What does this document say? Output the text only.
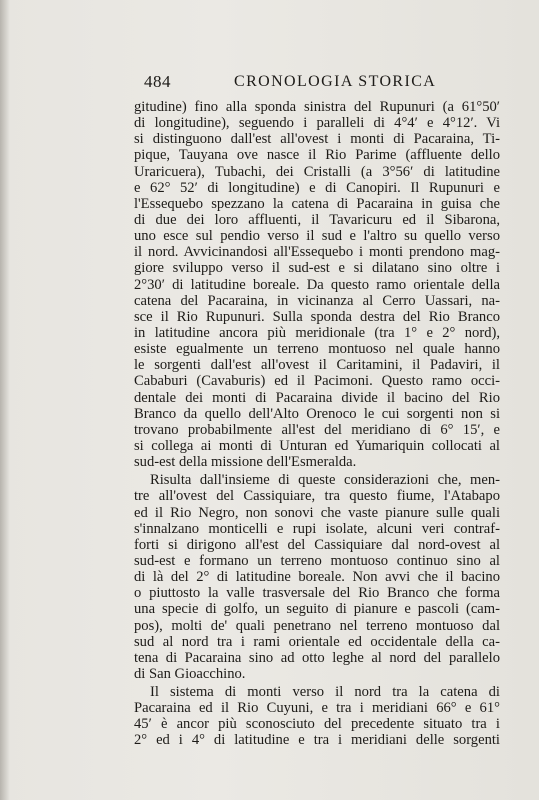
484	CRONOLOGIA STORICA
gitudine) fino alla sponda sinistra del Rupunuri (a 61°50′
di longitudine), seguendo i paralleli di 4°4′ e 4°12′. Vi
si distinguono dall'est all'ovest i monti di Pacaraina, Ti-
pique, Tauyana ove nasce il Rio Parime (affluente dello
Uraricuera), Tubachi, dei Cristalli (a 3°56′ di latitudine
e 62° 52′ di longitudine) e di Canopiri. Il Rupunuri e
l'Essequebo spezzano la catena di Pacaraina in guisa che
di due dei loro affluenti, il Tavaricuru ed il Sibarona,
uno esce sul pendio verso il sud e l'altro su quello verso
il nord. Avvicinandosi all'Essequebo i monti prendono mag-
giore sviluppo verso il sud-est e si dilatano sino oltre i
2°30′ di latitudine boreale. Da questo ramo orientale della
catena del Pacaraina, in vicinanza al Cerro Uassari, na-
sce il Rio Rupunuri. Sulla sponda destra del Rio Branco
in latitudine ancora più meridionale (tra 1° e 2° nord),
esiste egualmente un terreno montuoso nel quale hanno
le sorgenti dall'est all'ovest il Caritamini, il Padaviri, il
Cababuri (Cavaburis) ed il Pacimoni. Questo ramo occi-
dentale dei monti di Pacaraina divide il bacino del Rio
Branco da quello dell'Alto Orenoco le cui sorgenti non si
trovano probabilmente all'est del meridiano di 6° 15′, e
si collega ai monti di Unturan ed Yumariquin collocati al
sud-est della missione dell'Esmeralda.
Risulta dall'insieme di queste considerazioni che, men-
tre all'ovest del Cassiquiare, tra questo fiume, l'Atabapo
ed il Rio Negro, non sonovi che vaste pianure sulle quali
s'innalzano monticelli e rupi isolate, alcuni veri contraf-
forti si dirigono all'est del Cassiquiare dal nord-ovest al
sud-est e formano un terreno montuoso continuo sino al
di là del 2° di latitudine boreale. Non avvi che il bacino
o piuttosto la valle trasversale del Rio Branco che forma
una specie di golfo, un seguito di pianure e pascoli (cam-
pos), molti de' quali penetrano nel terreno montuoso dal
sud al nord tra i rami orientale ed occidentale della ca-
tena di Pacaraina sino ad otto leghe al nord del parallelo
di San Gioacchino.
Il sistema di monti verso il nord tra la catena di
Pacaraina ed il Rio Cuyuni, e tra i meridiani 66° e 61°
45′ è ancor più sconosciuto del precedente situato tra i
2° ed i 4° di latitudine e tra i meridiani delle sorgenti
